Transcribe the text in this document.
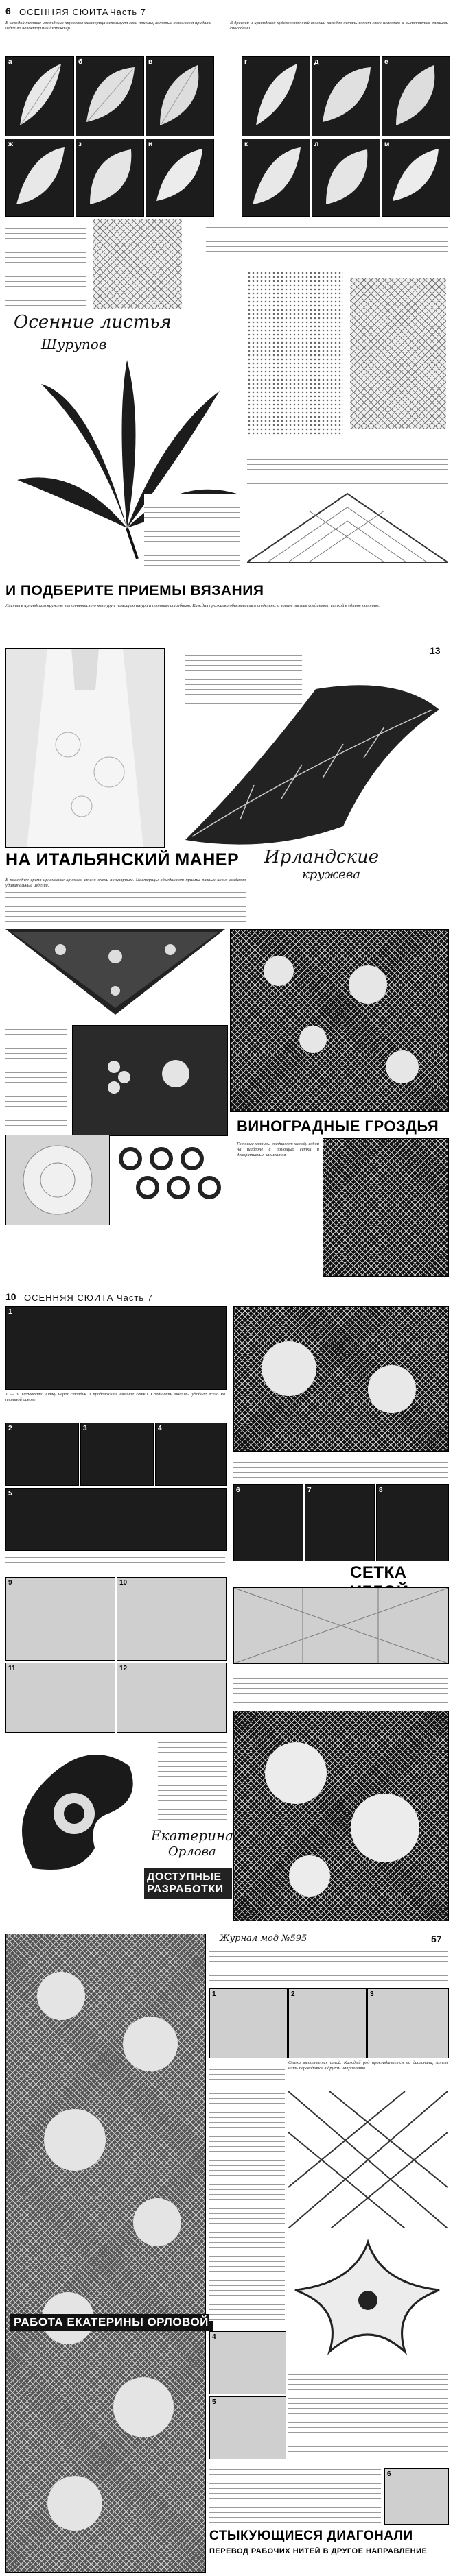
6 ОСЕННЯЯ СЮИТА Часть 7
В каждой технике ирландских кружевов мастерица использует свои приемы, которые позволяют придать изделию неповторимый характер.
В древней и ирландской художественной вязании каждая деталь имеет свою историю и выполняется разными способами.
а	б	в	г	д	е
ж	з	и	к	л	м
Осенние листья
Шурупов
И ПОДБЕРИТЕ ПРИЕМЫ ВЯЗАНИЯ
Листья в ирландском кружеве выполняются по контуру с помощью шнура и плотных столбиков. Каждая прожилка обвязывается отдельно, а затем листья соединяют сеткой в единое полотно.
13
НА ИТАЛЬЯНСКИЙ МАНЕР Ирландские
кружева
В последнее время ирландское кружево стало очень популярным. Мастерицы объединяют приемы разных школ, создавая удивительные изделия.
ВИНОГРАДНЫЕ ГРОЗДЬЯ
Готовые мотивы соединяют между собой на шаблоне с помощью сетки и декоративных элементов.
10 ОСЕННЯЯ СЮИТА Часть 7
1
1 — 3. Перевести нитку через столбик и продолжить вязание сетки. Соединять мотивы удобнее всего на плотной основе.
2	3	4
5	6	7	8
9	10
СЕТКА
11	12
Екатерина
Орлова
ДОСТУПНЫЕ РАЗРАБОТКИ
РАБОТА ЕКАТЕРИНЫ ОРЛОВОЙ
Журнал мод №595	57
1	2	3
Сетка выполняется иглой. Каждый ряд прокладывается по диагонали, затем нить переводится в другом направлении.
4
5
6
СТЫКУЮЩИЕСЯ ДИАГОНАЛИ
ПЕРЕВОД РАБОЧИХ НИТЕЙ В ДРУГОЕ НАПРАВЛЕНИЕ
